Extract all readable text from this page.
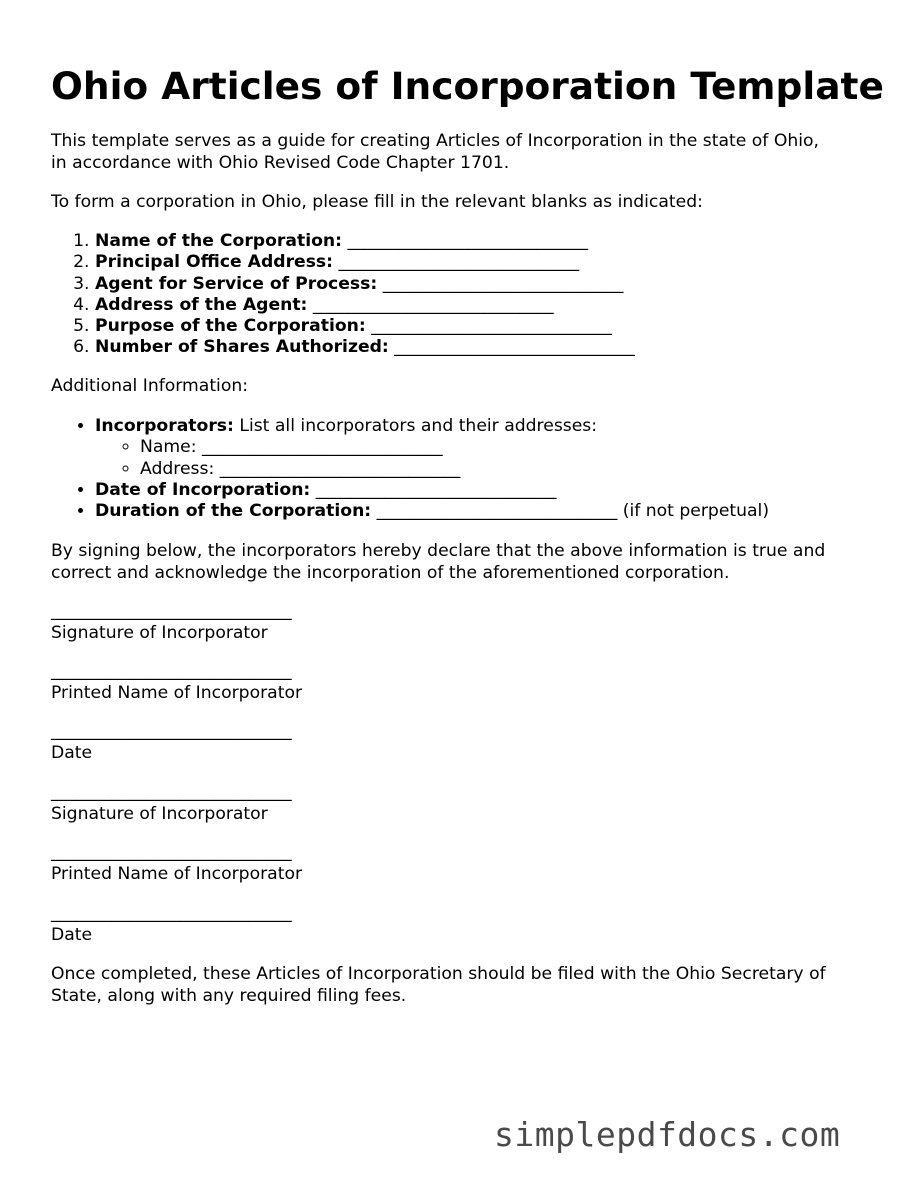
Ohio Articles of Incorporation Template
This template serves as a guide for creating Articles of Incorporation in the state of Ohio,
in accordance with Ohio Revised Code Chapter 1701.
To form a corporation in Ohio, please fill in the relevant blanks as indicated:
1. Name of the Corporation: ____________________________
2. Principal Office Address: ____________________________
3. Agent for Service of Process: ____________________________
4. Address of the Agent: ____________________________
5. Purpose of the Corporation: ____________________________
6. Number of Shares Authorized: ____________________________
Additional Information:
• Incorporators: List all incorporators and their addresses:
◦ Name: ____________________________
◦ Address: ____________________________
• Date of Incorporation: ____________________________
• Duration of the Corporation: ____________________________ (if not perpetual)
By signing below, the incorporators hereby declare that the above information is true and
correct and acknowledge the incorporation of the aforementioned corporation.
____________________________
Signature of Incorporator
____________________________
Printed Name of Incorporator
____________________________
Date
____________________________
Signature of Incorporator
____________________________
Printed Name of Incorporator
____________________________
Date
Once completed, these Articles of Incorporation should be filed with the Ohio Secretary of
State, along with any required filing fees.
simplepdfdocs.com
